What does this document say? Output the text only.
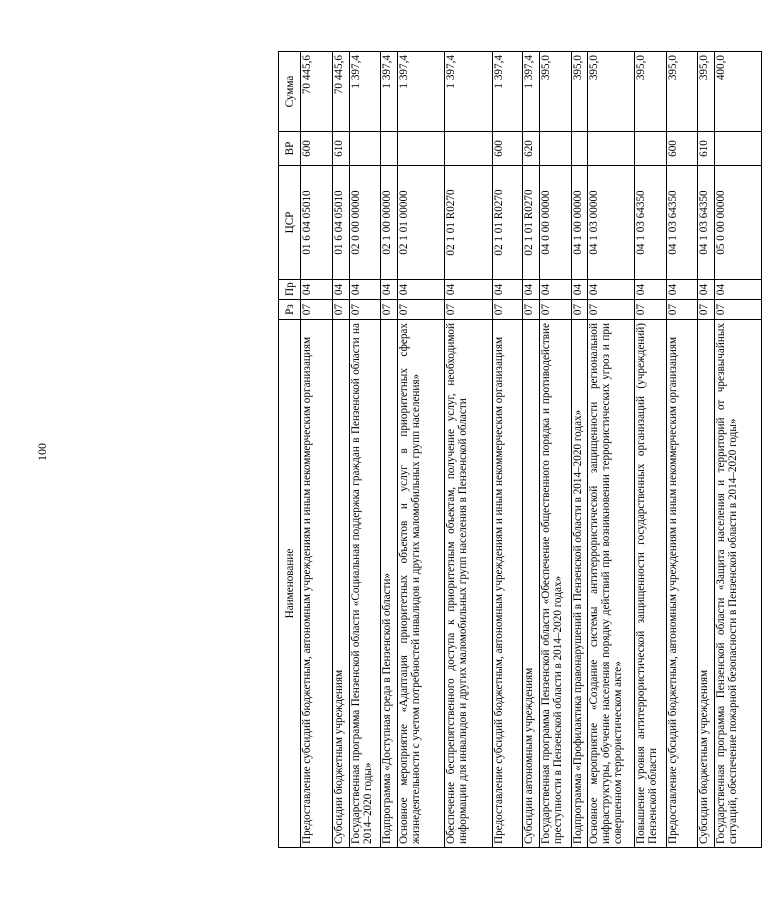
100
Наименование	Рз	Пр	ЦСР	ВР	Сумма
Предоставление субсидий бюджетным, автономным учреждениям и иным некоммерческим организациям	07	04	01 6 04 05010	600	70 445,6
Субсидии бюджетным учреждениям	07	04	01 6 04 05010	610	70 445,6
Государственная программа Пензенской области «Социальная поддержка граждан в Пензенской области на 2014–2020 годы»	07	04	02 0 00 00000		1 397,4
Подпрограмма «Доступная среда в Пензенской области»	07	04	02 1 00 00000		1 397,4
Основное мероприятие «Адаптация приоритетных объектов и услуг в приоритетных сферах жизнедеятельности с учетом потребностей инвалидов и других маломобильных групп населения»	07	04	02 1 01 00000		1 397,4
Обеспечение беспрепятственного доступа к приоритетным объектам, получение услуг, необходимой информации для инвалидов и других маломобильных групп населения в Пензенской области	07	04	02 1 01 R0270		1 397,4
Предоставление субсидий бюджетным, автономным учреждениям и иным некоммерческим организациям	07	04	02 1 01 R0270	600	1 397,4
Субсидии автономным учреждениям	07	04	02 1 01 R0270	620	1 397,4
Государственная программа Пензенской области «Обеспечение общественного порядка и противодействие преступности в Пензенской области в 2014–2020 годах»	07	04	04 0 00 00000		395,0
Подпрограмма «Профилактика правонарушений в Пензенской области в 2014–2020 годах»	07	04	04 1 00 00000		395,0
Основное мероприятие «Создание системы антитеррористической защищенности региональной инфраструктуры, обучение населения порядку действий при возникновении террористических угроз и при совершенном террористическом акте»	07	04	04 1 03 00000		395,0
Повышение уровня антитеррористической защищенности государственных организаций (учреждений) Пензенской области	07	04	04 1 03 64350		395,0
Предоставление субсидий бюджетным, автономным учреждениям и иным некоммерческим организациям	07	04	04 1 03 64350	600	395,0
Субсидии бюджетным учреждениям	07	04	04 1 03 64350	610	395,0
Государственная программа Пензенской области «Защита населения и территорий от чрезвычайных ситуаций, обеспечение пожарной безопасности в Пензенской области в 2014–2020 годы»	07	04	05 0 00 00000		400,0
